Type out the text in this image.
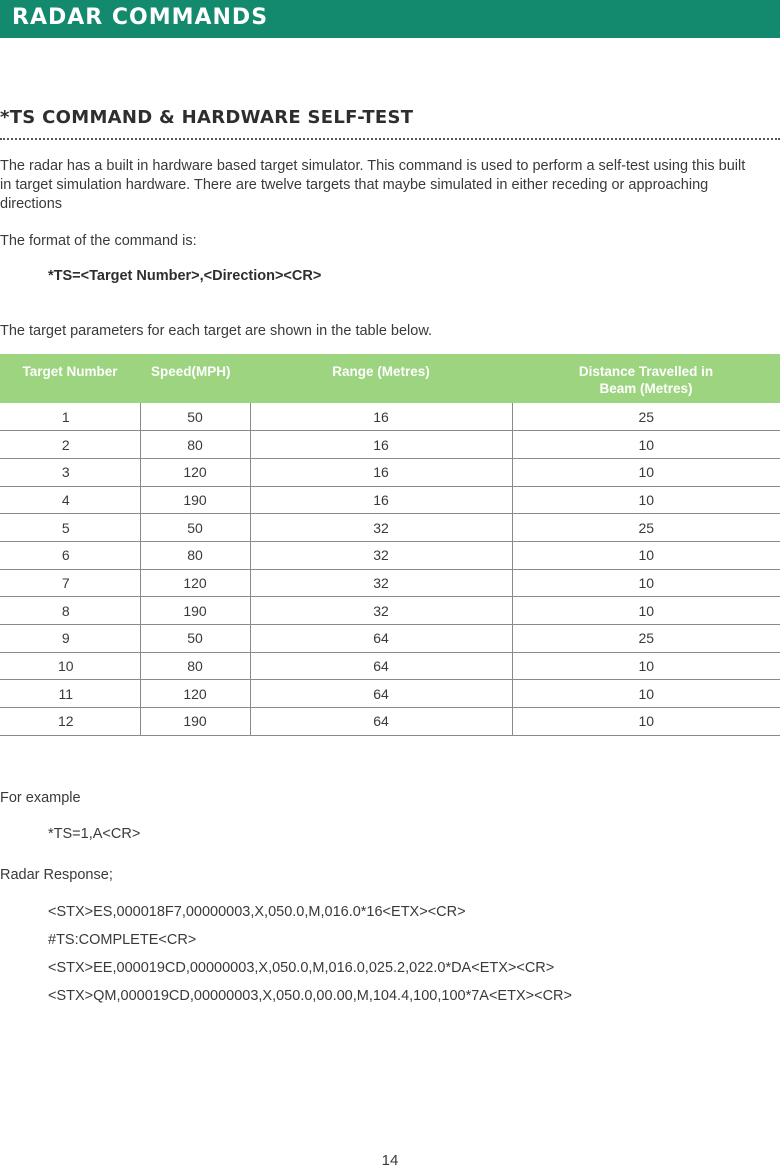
RADAR COMMANDS
*TS COMMAND & HARDWARE SELF-TEST
The radar has a built in hardware based target simulator. This command is used to perform a self-test using this built in target simulation hardware. There are twelve targets that maybe simulated in either receding or approaching directions
The format of the command is:
*TS=<Target Number>,<Direction><CR>
The target parameters for each target are shown in the table below.
Target Number	Speed(MPH)	Range (Metres)	Distance Travelled in
Beam (Metres)
1	50	16	25
2	80	16	10
3	120	16	10
4	190	16	10
5	50	32	25
6	80	32	10
7	120	32	10
8	190	32	10
9	50	64	25
10	80	64	10
11	120	64	10
12	190	64	10
For example
*TS=1,A<CR>
Radar Response;
<STX>ES,000018F7,00000003,X,050.0,M,016.0*16<ETX><CR>
#TS:COMPLETE<CR>
<STX>EE,000019CD,00000003,X,050.0,M,016.0,025.2,022.0*DA<ETX><CR>
<STX>QM,000019CD,00000003,X,050.0,00.00,M,104.4,100,100*7A<ETX><CR>
14
